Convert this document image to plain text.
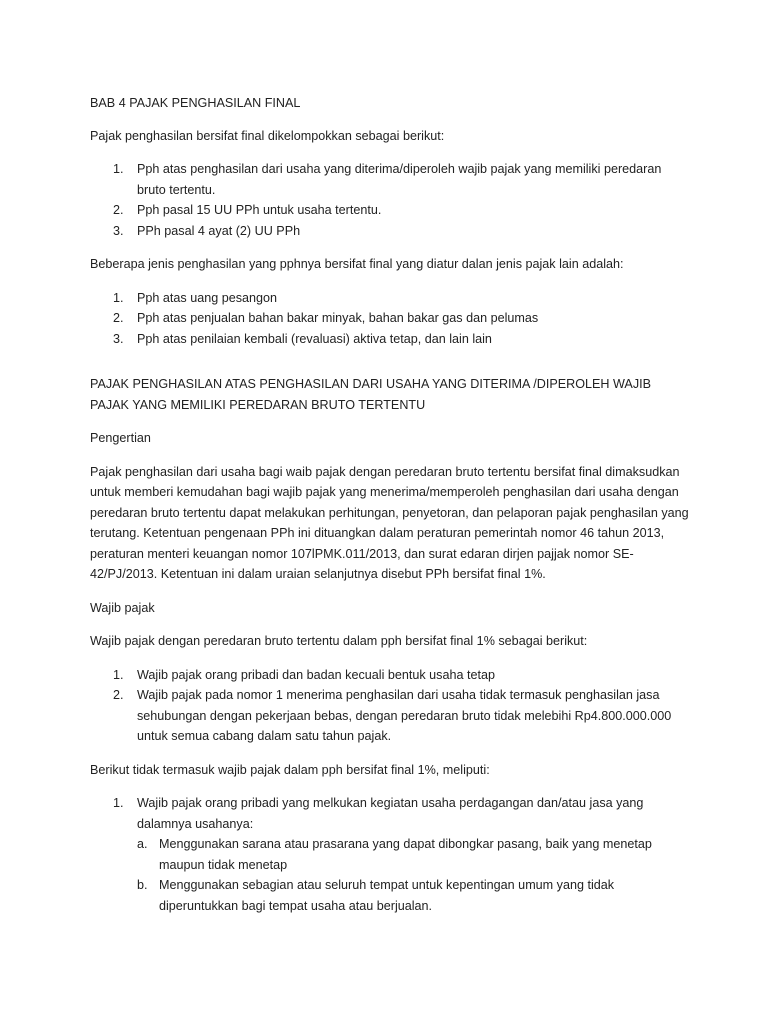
BAB 4 PAJAK PENGHASILAN FINAL

Pajak penghasilan bersifat final dikelompokkan sebagai berikut:

1. Pph atas penghasilan dari usaha yang diterima/diperoleh wajib pajak yang memiliki peredaran bruto tertentu.
2. Pph pasal 15 UU PPh untuk usaha tertentu.
3. PPh pasal 4 ayat (2) UU PPh

Beberapa jenis penghasilan yang pphnya bersifat final yang diatur dalan jenis pajak lain adalah:

1. Pph atas uang pesangon
2. Pph atas penjualan bahan bakar minyak, bahan bakar gas dan pelumas
3. Pph atas penilaian kembali (revaluasi) aktiva tetap, dan lain lain

PAJAK PENGHASILAN ATAS PENGHASILAN DARI USAHA YANG DITERIMA /DIPEROLEH WAJIB PAJAK YANG MEMILIKI PEREDARAN BRUTO TERTENTU

Pengertian

Pajak penghasilan dari usaha bagi waib pajak dengan peredaran bruto tertentu bersifat final dimaksudkan untuk memberi kemudahan bagi wajib pajak yang menerima/memperoleh penghasilan dari usaha dengan peredaran bruto tertentu dapat melakukan perhitungan, penyetoran, dan pelaporan pajak penghasilan yang terutang. Ketentuan pengenaan PPh ini dituangkan dalam peraturan pemerintah nomor 46 tahun 2013, peraturan menteri keuangan nomor 107lPMK.011/2013, dan surat edaran dirjen pajjak nomor SE-42/PJ/2013. Ketentuan ini dalam uraian selanjutnya disebut PPh bersifat final 1%.

Wajib pajak

Wajib pajak dengan peredaran bruto tertentu dalam pph bersifat final 1% sebagai berikut:

1. Wajib pajak orang pribadi dan badan kecuali bentuk usaha tetap
2. Wajib pajak pada nomor 1 menerima penghasilan dari usaha tidak termasuk penghasilan jasa sehubungan dengan pekerjaan bebas, dengan peredaran bruto tidak melebihi Rp4.800.000.000 untuk semua cabang dalam satu tahun pajak.

Berikut tidak termasuk wajib pajak dalam pph bersifat final 1%, meliputi:

1. Wajib pajak orang pribadi yang melkukan kegiatan usaha perdagangan dan/atau jasa yang dalamnya usahanya:
a. Menggunakan sarana atau prasarana yang dapat dibongkar pasang, baik yang menetap maupun tidak menetap
b. Menggunakan sebagian atau seluruh tempat untuk kepentingan umum yang tidak diperuntukkan bagi tempat usaha atau berjualan.
